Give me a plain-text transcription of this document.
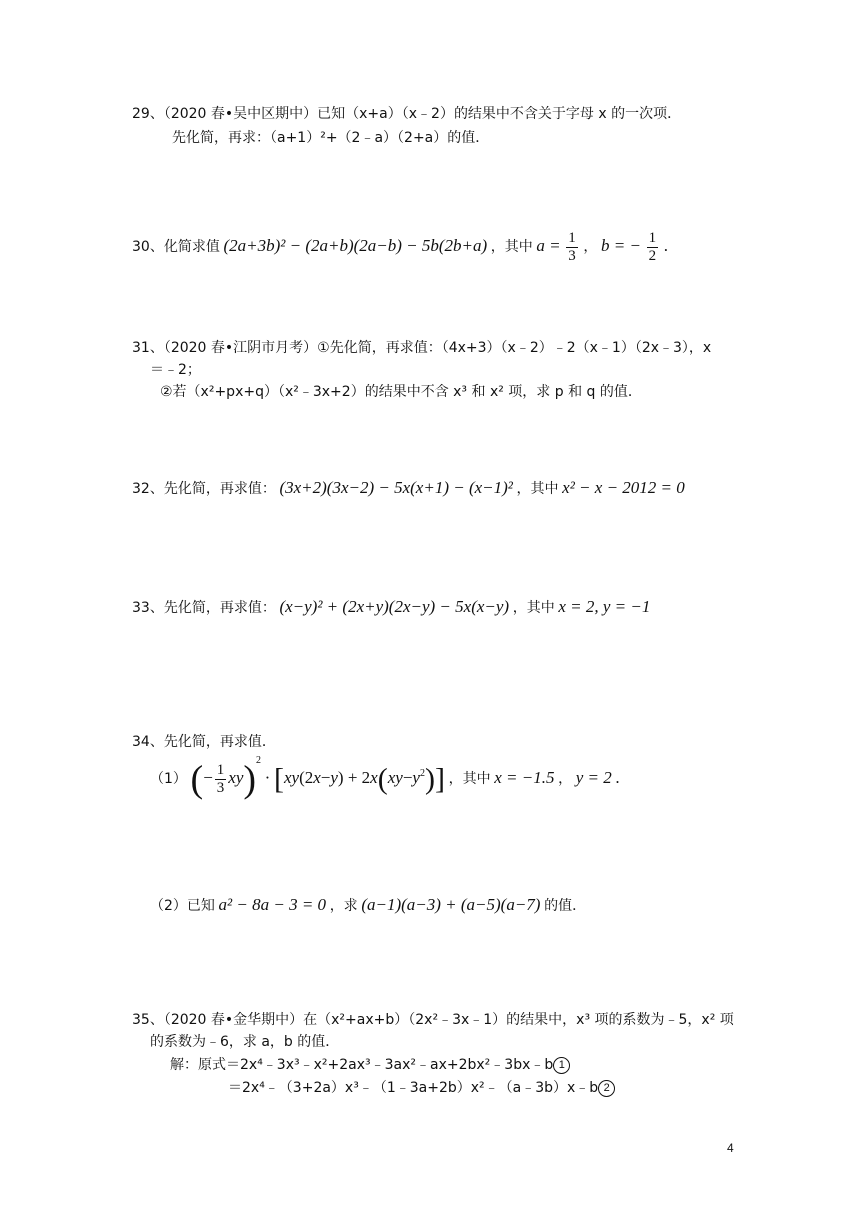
29、（2020 春•吴中区期中）已知（x+a）（x﹣2）的结果中不含关于字母 x 的一次项．
先化简，再求：（a+1）²+（2﹣a）（2+a）的值．
30、化简求值 (2a+3b)² − (2a+b)(2a−b) − 5b(2b+a) ，其中 $a = \frac{1}{3}$ ， b = − $\frac{1}{2}$ .
31、（2020 春•江阴市月考）①先化简，再求值：（4x+3）（x﹣2）﹣2（x﹣1）（2x﹣3），x
＝﹣2；
②若（x²+px+q）（x²﹣3x+2）的结果中不含 x³ 和 x² 项，求 p 和 q 的值．
32、先化简，再求值： (3x+2)(3x−2) − 5x(x+1) − (x−1)² ，其中 x² − x − 2012 = 0
33、先化简，再求值： (x−y)² + (2x+y)(2x−y) − 5x(x−y) ，其中 x = 2, y = −1
34、先化简，再求值．
（1） (− $\frac{1}{3} xy)^2 \cdot [xy(2x-y) + 2x(xy-y^2)]$ ，其中 x = −1.5 ， y = 2 .
（2）已知 a² − 8a − 3 = 0 ，求 (a−1)(a−3) + (a−5)(a−7) 的值．
35、（2020 春•金华期中）在（x²+ax+b）（2x²﹣3x﹣1）的结果中，x³ 项的系数为﹣5，x² 项
的系数为﹣6，求 a，b 的值．
解：原式＝2x⁴﹣3x³﹣x²+2ax³﹣3ax²﹣ax+2bx²﹣3bx﹣b 1
＝2x⁴﹣（3+2a）x³﹣（1﹣3a+2b）x²﹣（a﹣3b）x﹣b 2
4
